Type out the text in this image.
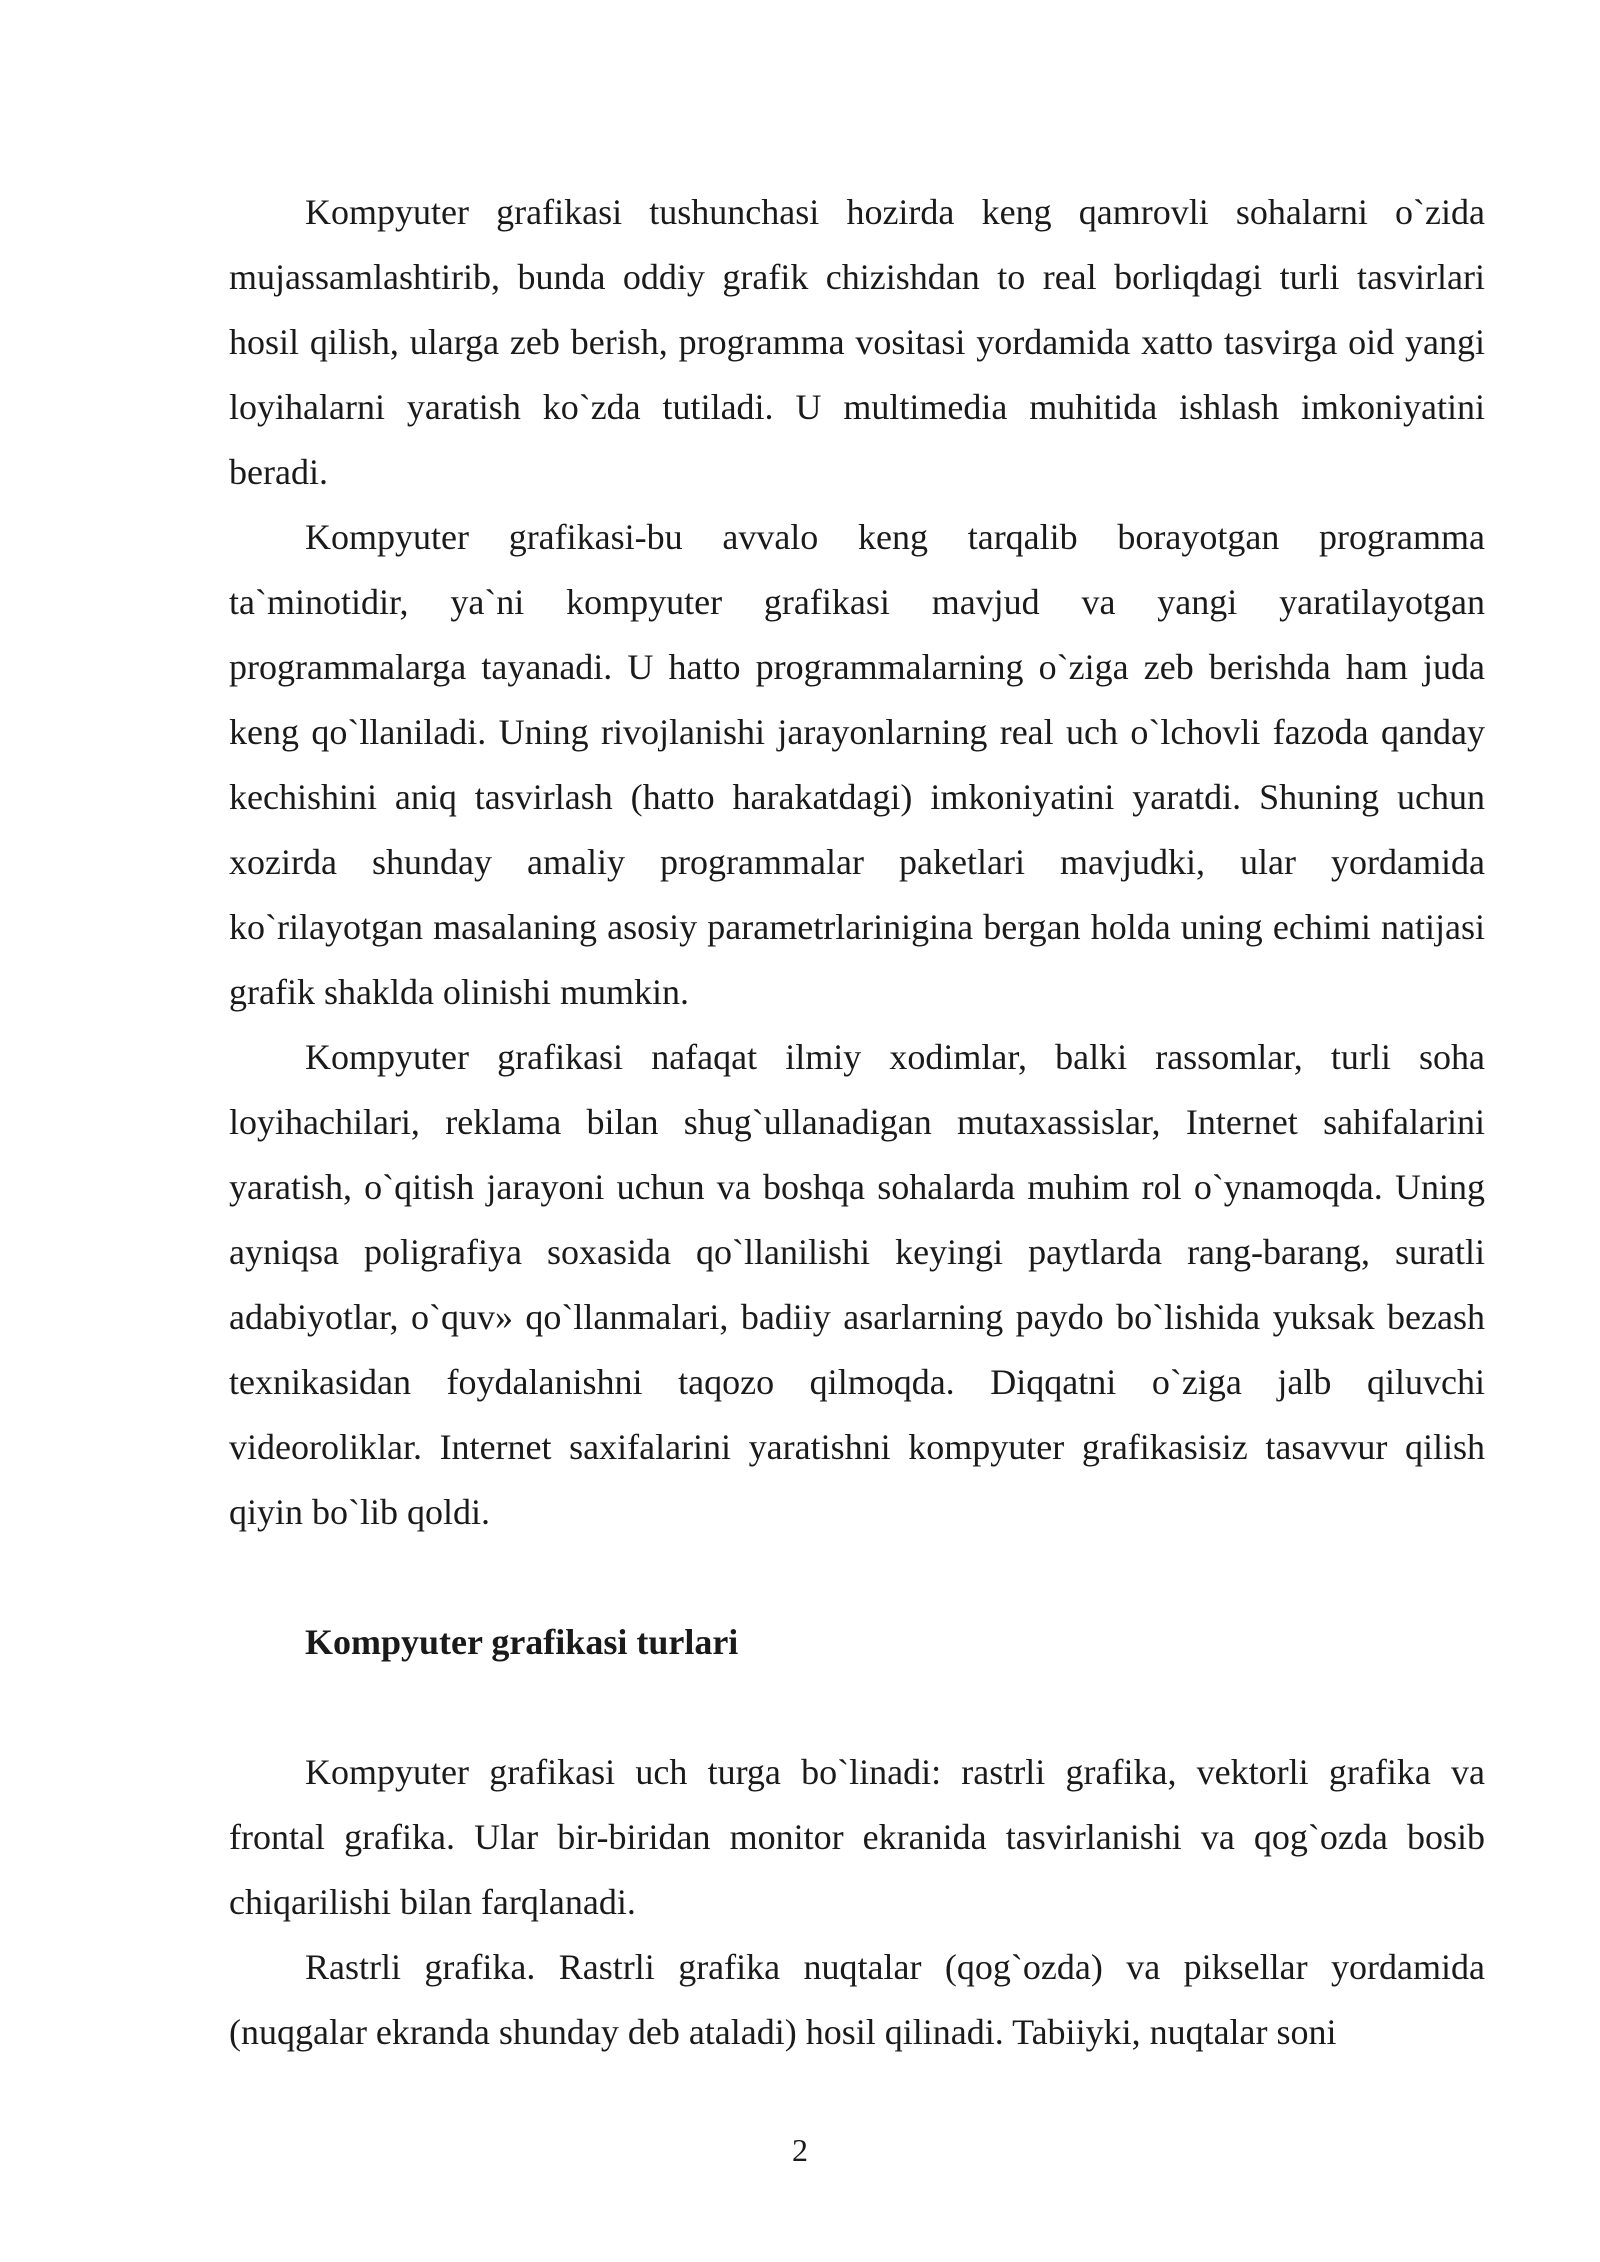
Kompyuter grafikasi tushunchasi hozirda keng qamrovli sohalarni o`zida mujassamlashtirib, bunda oddiy grafik chizishdan to real borliqdagi turli tasvirlari hosil qilish, ularga zeb berish, programma vositasi yordamida xatto tasvirga oid yangi loyihalarni yaratish ko`zda tutiladi. U multimedia muhitida ishlash imkoniyatini beradi.

Kompyuter grafikasi-bu avvalo keng tarqalib borayotgan programma ta`minotidir, ya`ni kompyuter grafikasi mavjud va yangi yaratilayotgan programmalarga tayanadi. U hatto programmalarning o`ziga zeb berishda ham juda keng qo`llaniladi. Uning rivojlanishi jarayonlarning real uch o`lchovli fazoda qanday kechishini aniq tasvirlash (hatto harakatdagi) imkoniyatini yaratdi. Shuning uchun xozirda shunday amaliy programmalar paketlari mavjudki, ular yordamida ko`rilayotgan masalaning asosiy parametrlarinigina bergan holda uning echimi natijasi grafik shakldа olinishi mumkin.

Kompyuter grafikasi nafaqat ilmiy xodimlar, balki rassomlar, turli soha loyihachilari, reklama bilan shug`ullanadigan mutaxassislar, Internet sahifalarini yaratish, o`qitish jarayoni uchun va boshqa sohalarda muhim rol o`ynamoqda. Uning ayniqsa poligrafiya soxasida qo`llanilishi keyingi paytlarda rang-barang, suratli adabiyotlar, o`quv» qo`llanmalari, badiiy asarlarning paydo bo`lishida yuksak bezash texnikasidan foydalanishni taqozo qilmoqda. Diqqatni o`ziga jalb qiluvchi videoroliklar. Internet saxifalarini yaratishni kompyuter grafikasisiz tasavvur qilish qiyin bo`lib qoldi.

Kompyuter grafikasi turlari

Kompyuter grafikasi uch turga bo`linadi: rastrli grafika, vektorli grafika va frontal grafika. Ular bir-biridan monitor ekranida tasvirlanishi va qog`ozda bosib chiqarilishi bilan farqlanadi.

Rastrli grafika. Rastrli grafika nuqtalar (qog`ozda) va piksellar yordamida (nuqgalar ekranda shunday deb ataladi) hosil qilinadi. Tabiiyki, nuqtalar soni

2
